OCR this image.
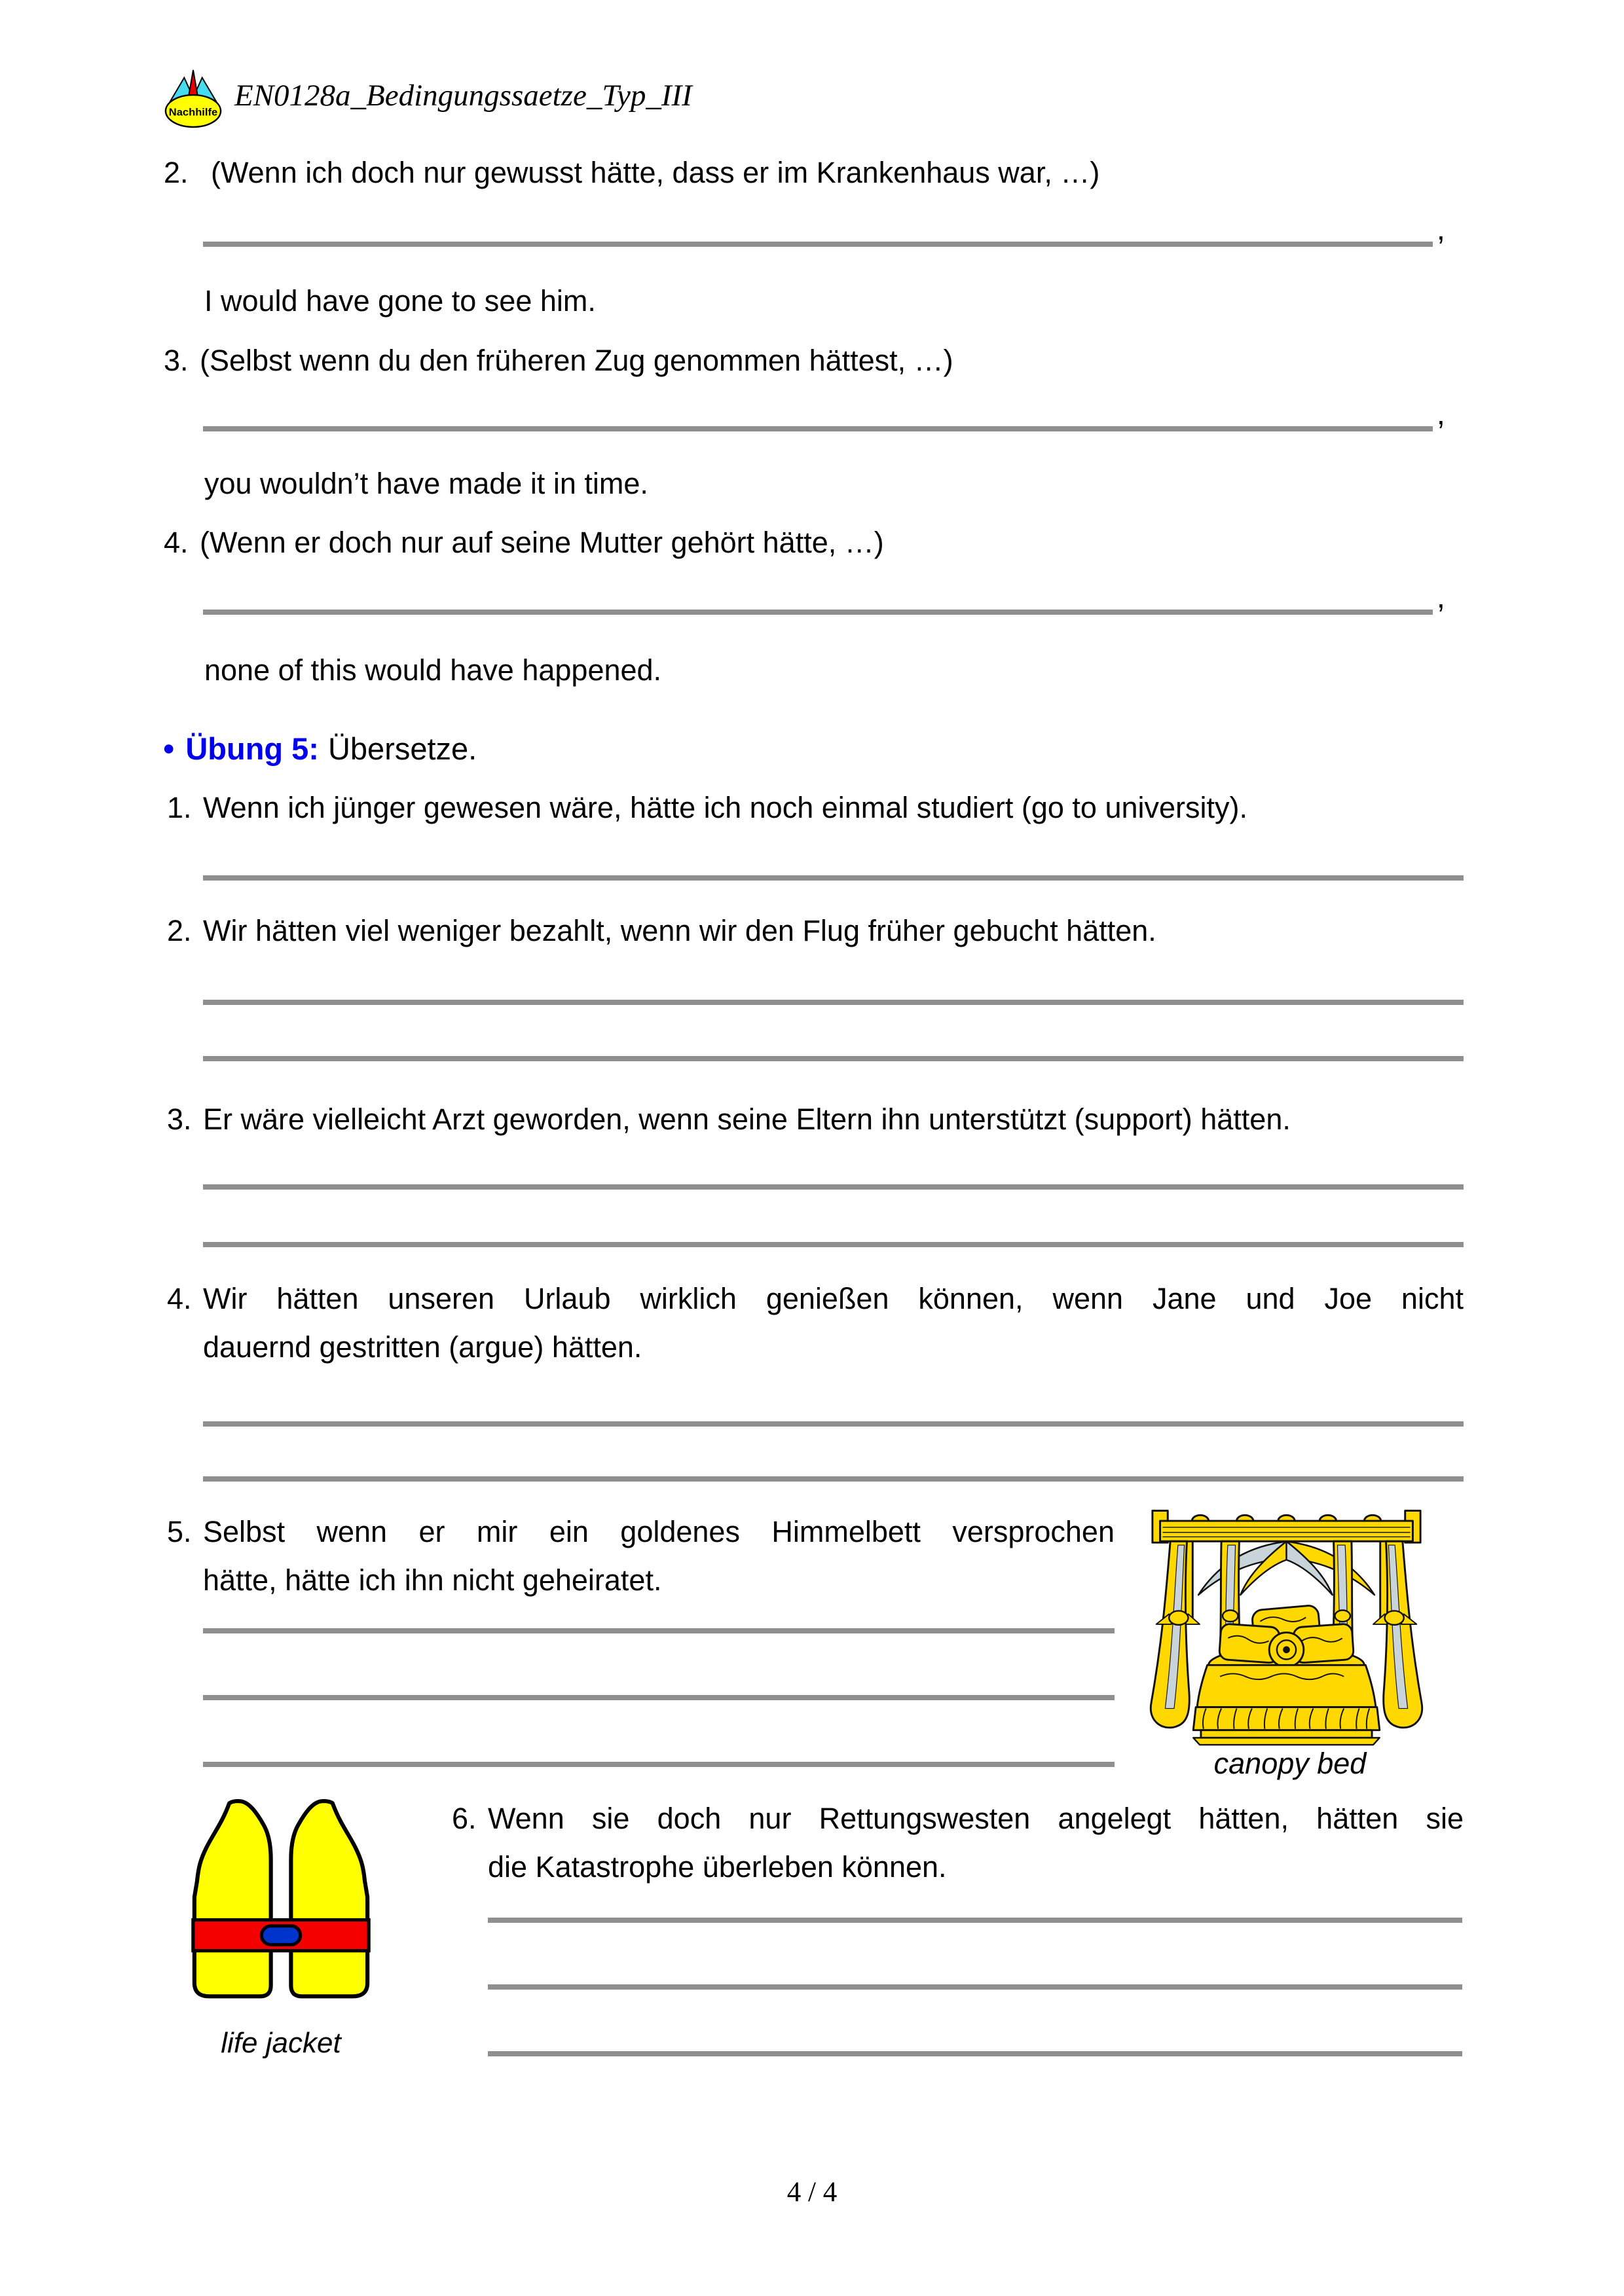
Nachhilfe EN0128a_Bedingungssaetze_Typ_III
2. (Wenn ich doch nur gewusst hätte, dass er im Krankenhaus war, …)
,
I would have gone to see him.
3. (Selbst wenn du den früheren Zug genommen hättest, …)
,
you wouldn’t have made it in time.
4. (Wenn er doch nur auf seine Mutter gehört hätte, …)
,
none of this would have happened.
● Übung 5: Übersetze.
1. Wenn ich jünger gewesen wäre, hätte ich noch einmal studiert (go to university).
2. Wir hätten viel weniger bezahlt, wenn wir den Flug früher gebucht hätten.
3. Er wäre vielleicht Arzt geworden, wenn seine Eltern ihn unterstützt (support) hätten.
4. Wir hätten unseren Urlaub wirklich genießen können, wenn Jane und Joe nicht
dauernd gestritten (argue) hätten.
5. Selbst wenn er mir ein goldenes Himmelbett versprochen
hätte, hätte ich ihn nicht geheiratet.
canopy bed
6. Wenn sie doch nur Rettungswesten angelegt hätten, hätten sie
die Katastrophe überleben können.
life jacket
4 / 4
